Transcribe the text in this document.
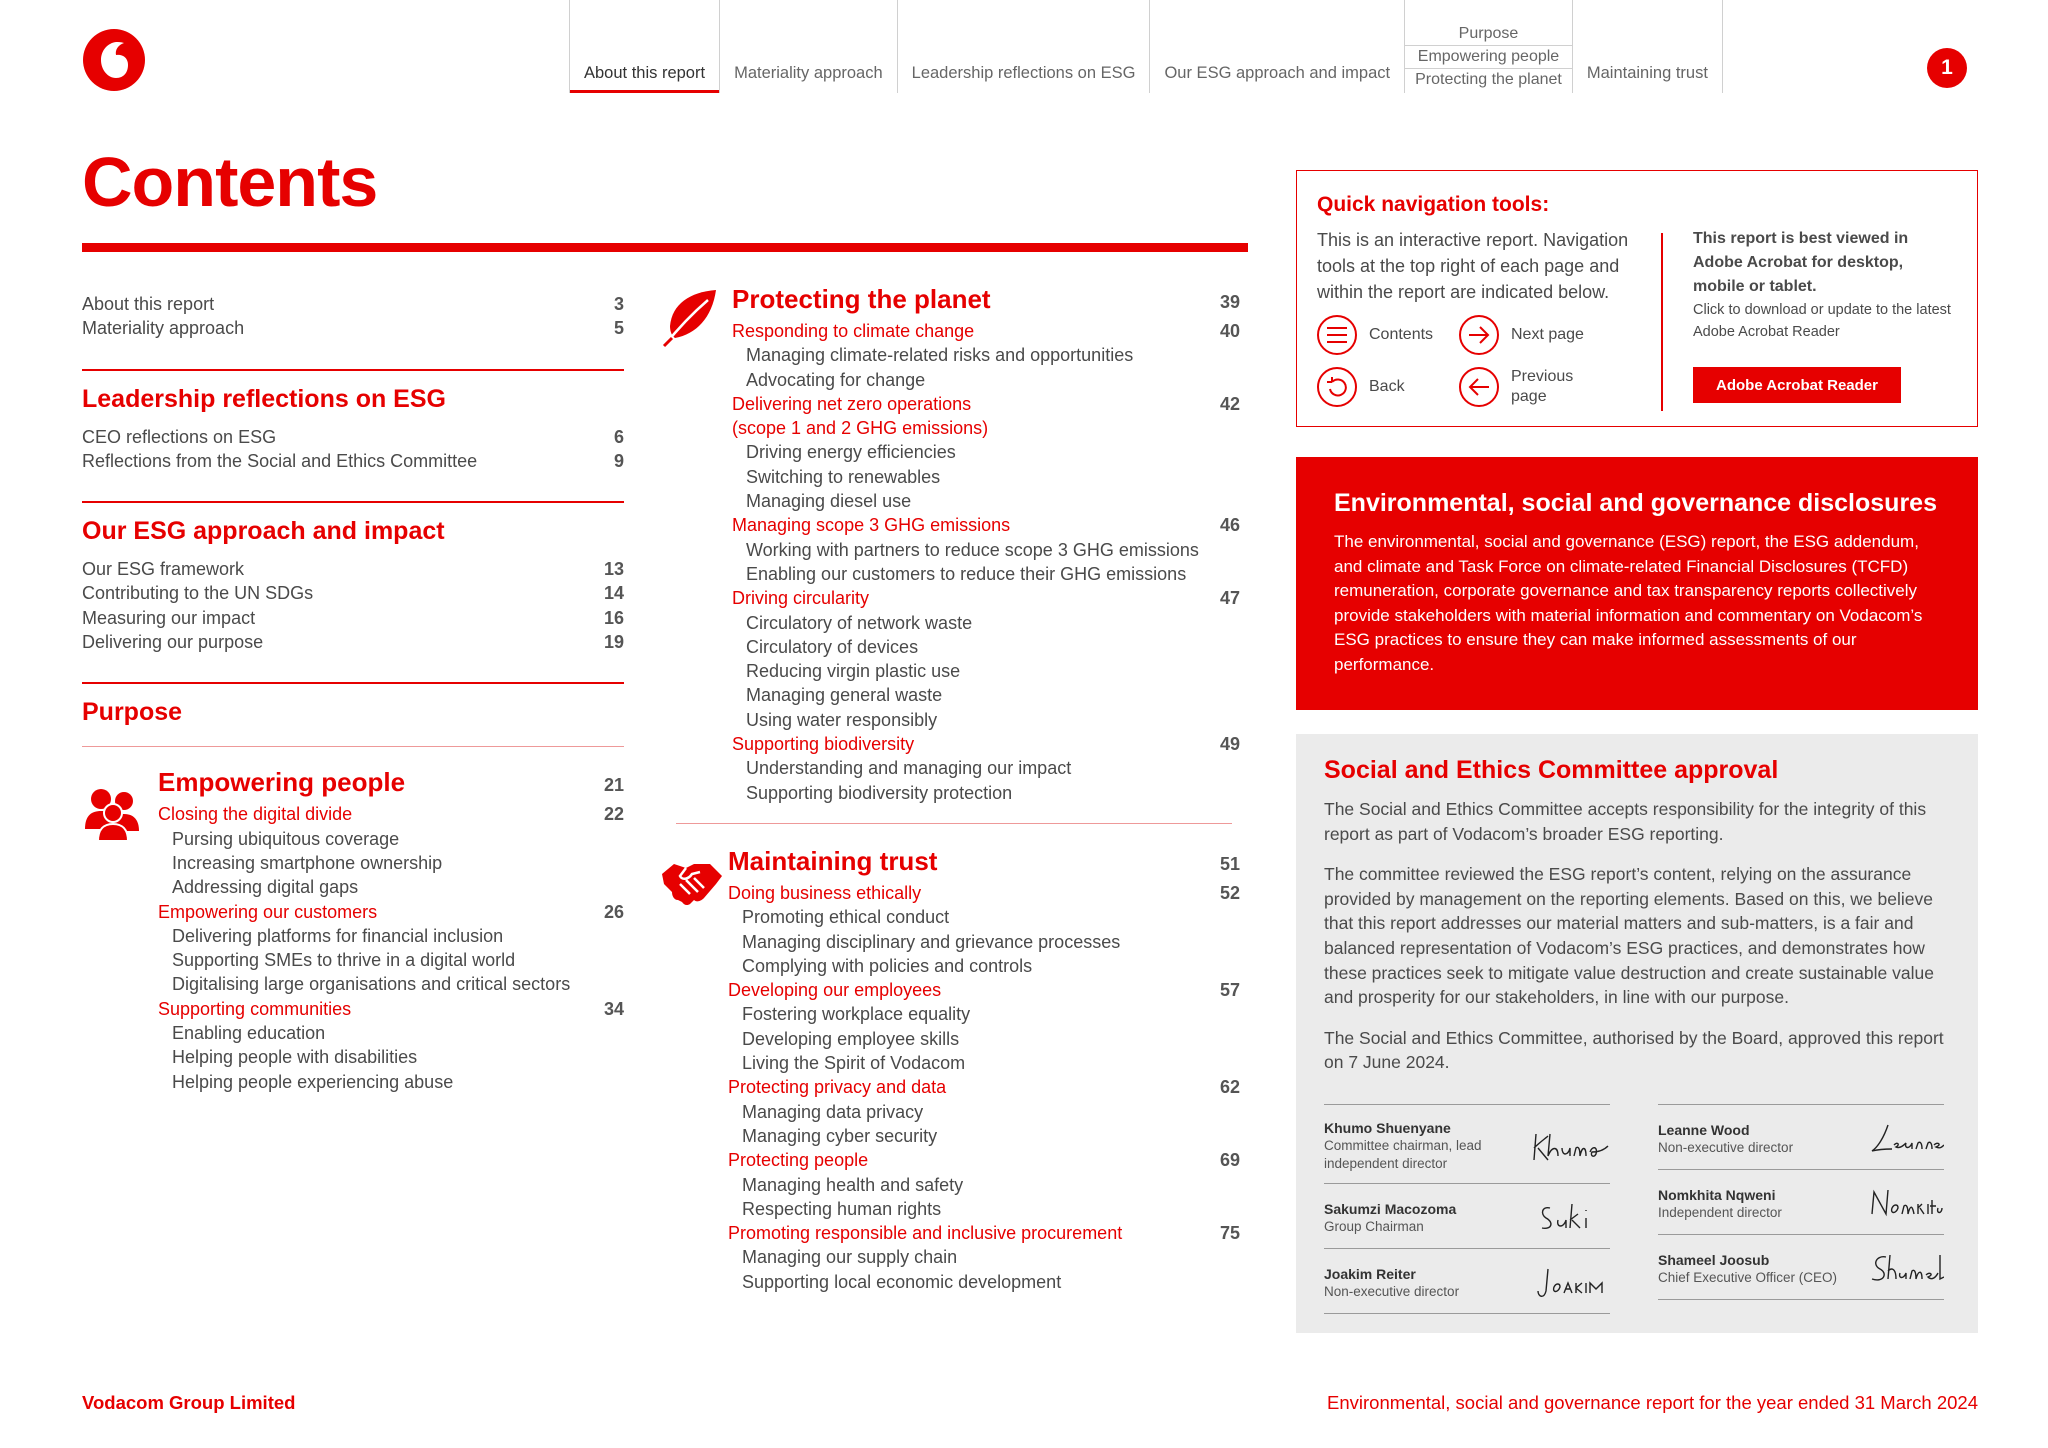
About this report	Materiality approach	Leadership reflections on ESG	Our ESG approach and impact
Purpose
Empowering people
Protecting the planet	Maintaining trust	1
Contents
About this report	3
Materiality approach	5
Leadership reflections on ESG
CEO reflections on ESG	6
Reflections from the Social and Ethics Committee	9
Our ESG approach and impact
Our ESG framework	13
Contributing to the UN SDGs	14
Measuring our impact	16
Delivering our purpose	19
Purpose
Empowering people	21
Closing the digital divide	22
Pursing ubiquitous coverage
Increasing smartphone ownership
Addressing digital gaps
Empowering our customers	26
Delivering platforms for financial inclusion
Supporting SMEs to thrive in a digital world
Digitalising large organisations and critical sectors
Supporting communities	34
Enabling education
Helping people with disabilities
Helping people experiencing abuse
Protecting the planet	39
Responding to climate change	40
Managing climate-related risks and opportunities
Advocating for change
Delivering net zero operations	42
(scope 1 and 2 GHG emissions)
Driving energy efficiencies
Switching to renewables
Managing diesel use
Managing scope 3 GHG emissions	46
Working with partners to reduce scope 3 GHG emissions
Enabling our customers to reduce their GHG emissions
Driving circularity	47
Circulatory of network waste
Circulatory of devices
Reducing virgin plastic use
Managing general waste
Using water responsibly
Supporting biodiversity	49
Understanding and managing our impact
Supporting biodiversity protection
Maintaining trust	51
Doing business ethically	52
Promoting ethical conduct
Managing disciplinary and grievance processes
Complying with policies and controls
Developing our employees	57
Fostering workplace equality
Developing employee skills
Living the Spirit of Vodacom
Protecting privacy and data	62
Managing data privacy
Managing cyber security
Protecting people	69
Managing health and safety
Respecting human rights
Promoting responsible and inclusive procurement	75
Managing our supply chain
Supporting local economic development
Quick navigation tools:
This is an interactive report. Navigation tools at the top right of each page and within the report are indicated below.
Contents	Next page
Back
Previous page
This report is best viewed in Adobe Acrobat for desktop, mobile or tablet.
Click to download or update to the latest Adobe Acrobat Reader
Adobe Acrobat Reader
Environmental, social and governance disclosures

The environmental, social and governance (ESG) report, the ESG addendum, and climate and Task Force on climate-related Financial Disclosures (TCFD) remuneration, corporate governance and tax transparency reports collectively provide stakeholders with material information and commentary on Vodacom’s ESG practices to ensure they can make informed assessments of our performance.

Social and Ethics Committee approval

The Social and Ethics Committee accepts responsibility for the integrity of this report as part of Vodacom’s broader ESG reporting.

The committee reviewed the ESG report’s content, relying on the assurance provided by management on the reporting elements. Based on this, we believe that this report addresses our material matters and sub-matters, is a fair and balanced representation of Vodacom’s ESG practices, and demonstrates how these practices seek to mitigate value destruction and create sustainable value and prosperity for our stakeholders, in line with our purpose.

The Social and Ethics Committee, authorised by the Board, approved this report on 7 June 2024.

Khumo Shuenyane
Committee chairman, lead independent director
Sakumzi Macozoma
Group Chairman
Joakim Reiter
Non-executive director
Leanne Wood
Non-executive director
Nomkhita Nqweni
Independent director
Shameel Joosub
Chief Executive Officer (CEO)
Vodacom Group Limited	Environmental, social and governance report for the year ended 31 March 2024
